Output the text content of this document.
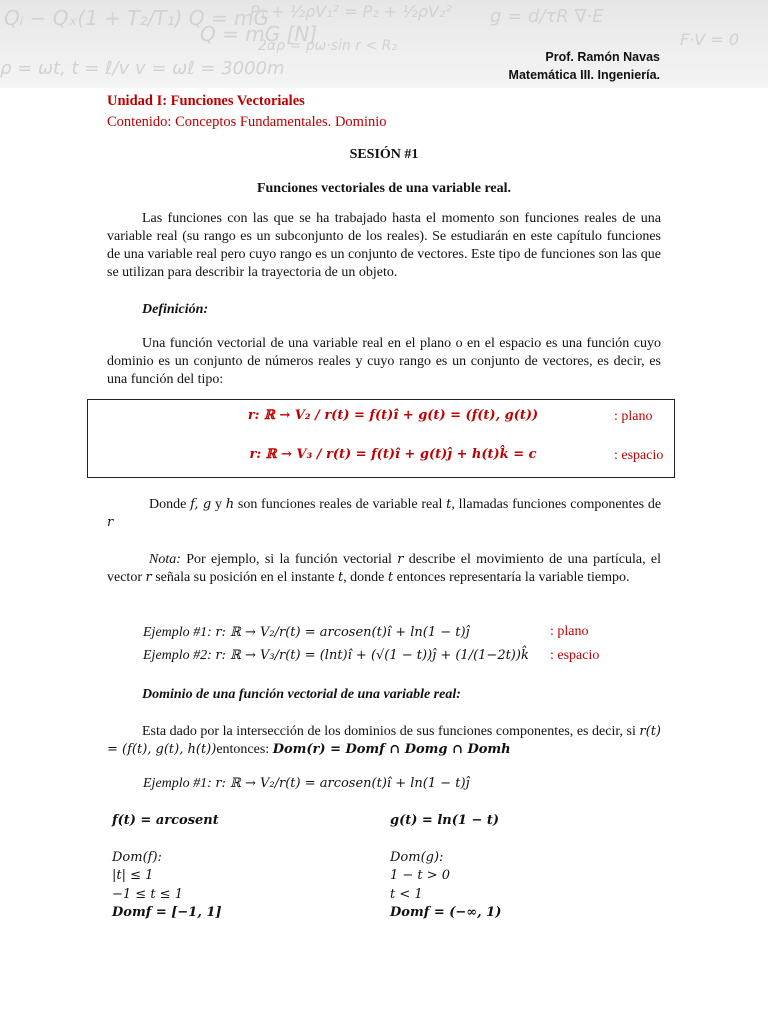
Qᵢ − Qₓ(1 + T₂/T₁) Q = mG
P₁ + ½ρV₁² = P₂ + ½ρV₂² g = d/τR ∇·E
ρ = ωt, t = ℓ/v v = ωℓ = 3000m
2αρ = ρω·sin r < R₂
Q = mG [N]	F·V = 0
Prof. Ramón Navas
Matemática III. Ingeniería.
Unidad I: Funciones Vectoriales
Contenido: Conceptos Fundamentales. Dominio
SESIÓN #1
Funciones vectoriales de una variable real.
Las funciones con las que se ha trabajado hasta el momento son funciones reales de una variable real (su rango es un subconjunto de los reales). Se estudiarán en este capítulo funciones de una variable real pero cuyo rango es un conjunto de vectores. Este tipo de funciones son las que se utilizan para describir la trayectoria de un objeto.
Definición:
Una función vectorial de una variable real en el plano o en el espacio es una función cuyo dominio es un conjunto de números reales y cuyo rango es un conjunto de vectores, es decir, es una función del tipo:
r: ℝ → V₂ / r(t) = f(t)î + g(t) = (f(t), g(t))	: plano
r: ℝ → V₃ / r(t) = f(t)î + g(t)ĵ + h(t)k̂ = c	: espacio
Donde f, g y h son funciones reales de variable real t, llamadas funciones componentes de r
Nota: Por ejemplo, si la función vectorial r describe el movimiento de una partícula, el vector r señala su posición en el instante t, donde t entonces representaría la variable tiempo.
Ejemplo #1: r: ℝ → V₂/r(t) = arcosen(t)î + ln(1 − t)ĵ	: plano
Ejemplo #2: r: ℝ → V₃/r(t) = (lnt)î + (√(1 − t))ĵ + (1/(1−2t))k̂ : espacio
Dominio de una función vectorial de una variable real:
Esta dado por la intersección de los dominios de sus funciones componentes, es decir, si r(t) = (f(t), g(t), h(t))entonces: Dom(r) = Domf ∩ Domg ∩ Domh
Ejemplo #1: r: ℝ → V₂/r(t) = arcosen(t)î + ln(1 − t)ĵ
f(t) = arcosent
Dom(f):
|t| ≤ 1
−1 ≤ t ≤ 1
Domf = [−1, 1]
g(t) = ln(1 − t)
Dom(g):
1 − t > 0
t < 1
Domf = (−∞, 1)
